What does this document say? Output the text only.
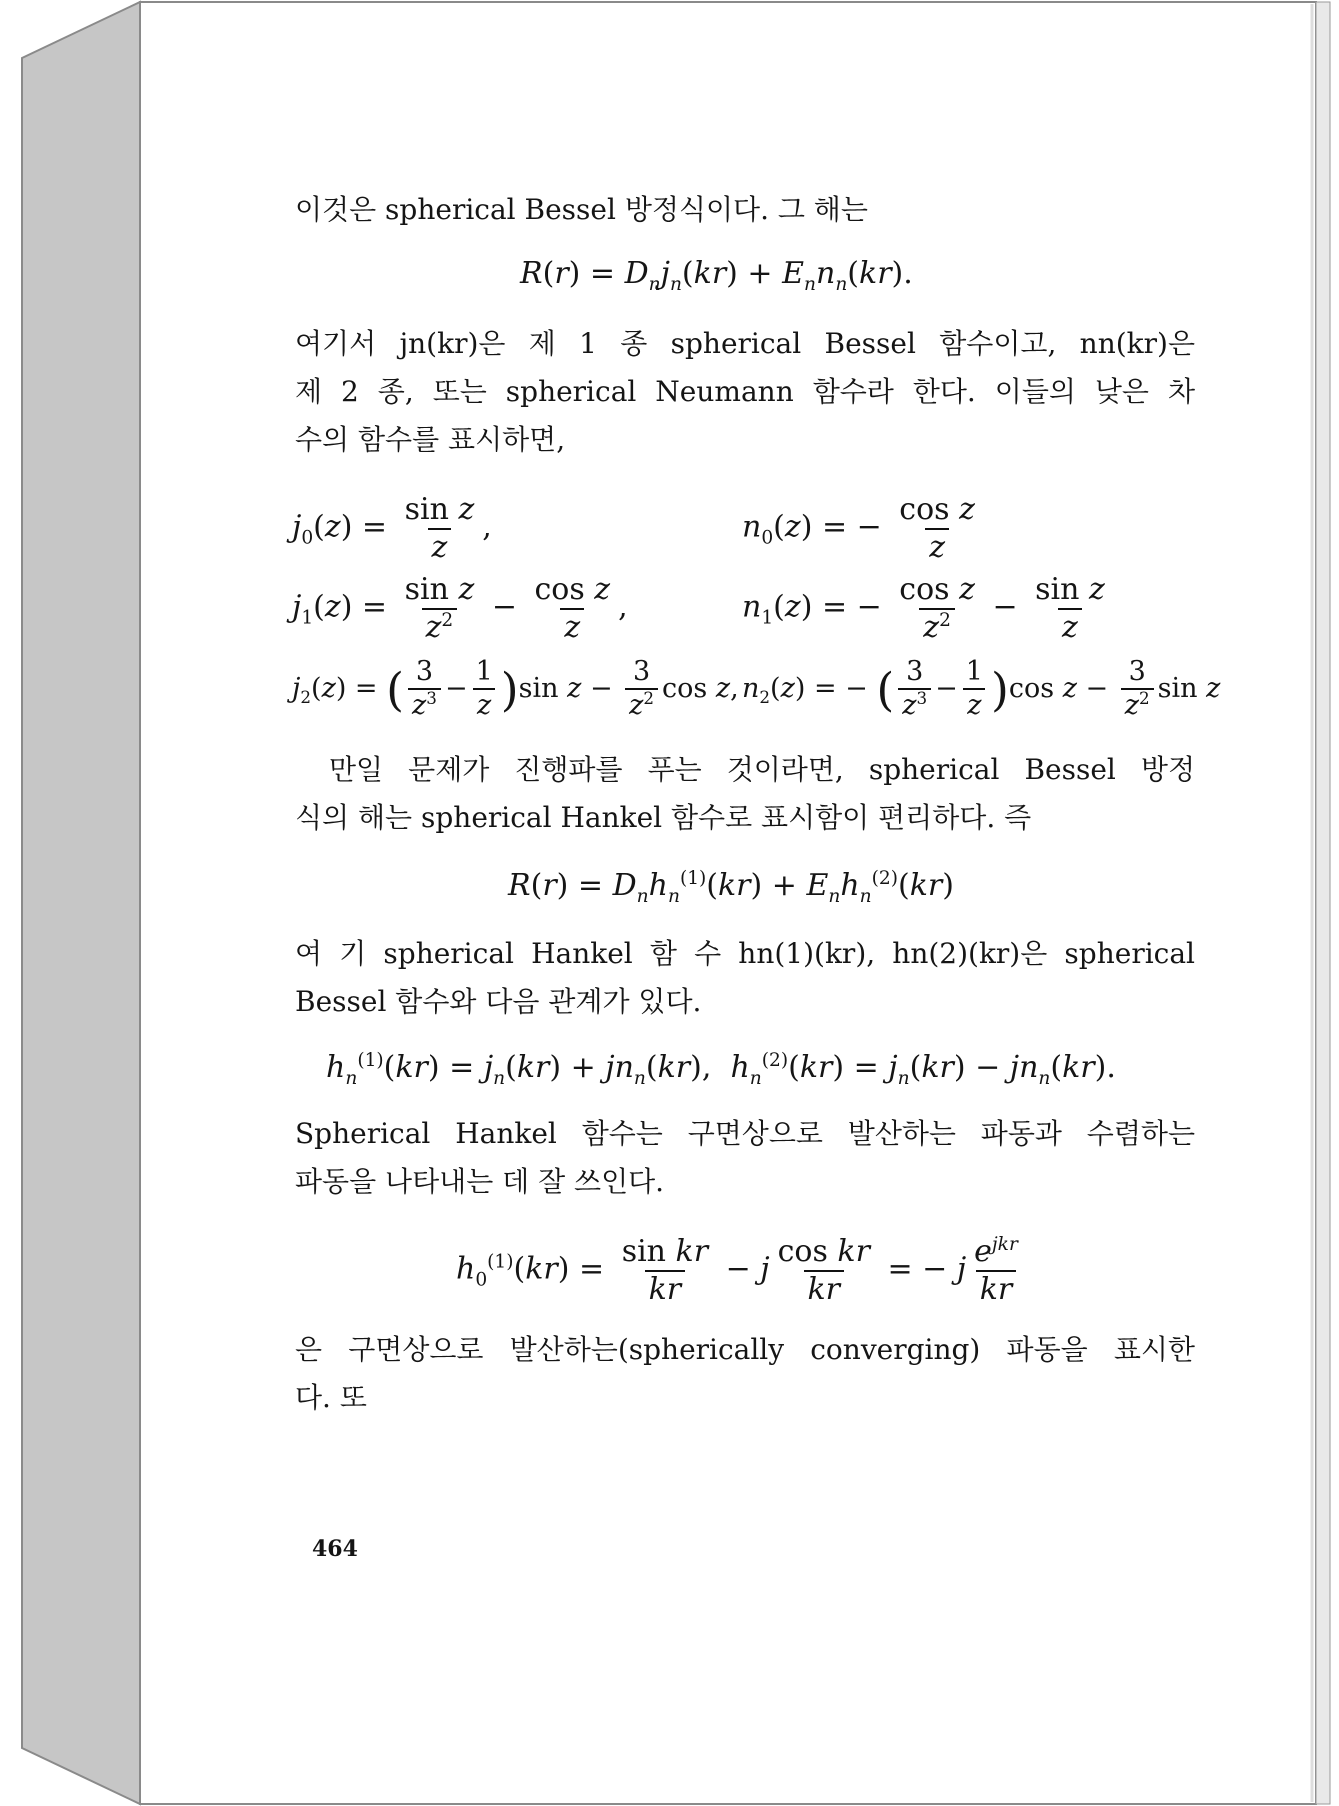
이것은 spherical Bessel 방정식이다. 그 해는
$R(r) = D_nj_n(kr) + E_nn_n(kr)$.
여기서 jn(kr)은 제 1 종 spherical Bessel 함수이고, nn(kr)은
제 2 종, 또는 spherical Neumann 함수라 한다. 이들의 낮은 차
수의 함수를 표시하면,
$j_0(z) = \frac{\text{sin z}}{z}$ ,	$n_0(z)$ = − $\frac{\text{cos z}}{z}$
$j_1(z) = \frac{\text{sin z}}{z^2} - \frac{\text{cos z}}{z}$ ,	$n_1(z)$ = − $\frac{\text{cos z}}{z^2} - \frac{\text{sin z}}{z}$
$j_2(z)$ = ( $\frac{3}{z^3} - \frac{1}{z} )\sin$ $z - \frac{3}{z^2}$ cos z, $n_2(z)$ = − ( $\frac{3}{z^3} - \frac{1}{z} )\cos$ $z - \frac{3}{z^2}$ sin z
만일 문제가 진행파를 푸는 것이라면, spherical Bessel 방정
식의 해는 spherical Hankel 함수로 표시함이 편리하다. 즉
$R(r) = D_nh_n^{(1)}(kr) + E_nh_n^{(2)}(kr)$
여 기 spherical Hankel 함 수 hn(1)(kr), hn(2)(kr)은 spherical
Bessel 함수와 다음 관계가 있다.
$h_n^{(1)}(kr) = j_n(kr) + jn_n(kr)$,  $h_n^{(2)}(kr) = j_n(kr) - jn_n(kr)$.
Spherical Hankel 함수는 구면상으로 발산하는 파동과 수렴하는
파동을 나타내는 데 잘 쓰인다.
$h_0^{(1)}(kr) = \frac{\text{sin kr}}{kr} - j \frac{\text{cos kr}}{kr}$ = − j $\frac{e^{jkr}}{kr}$
은 구면상으로 발산하는(spherically converging) 파동을 표시한
다. 또
464
